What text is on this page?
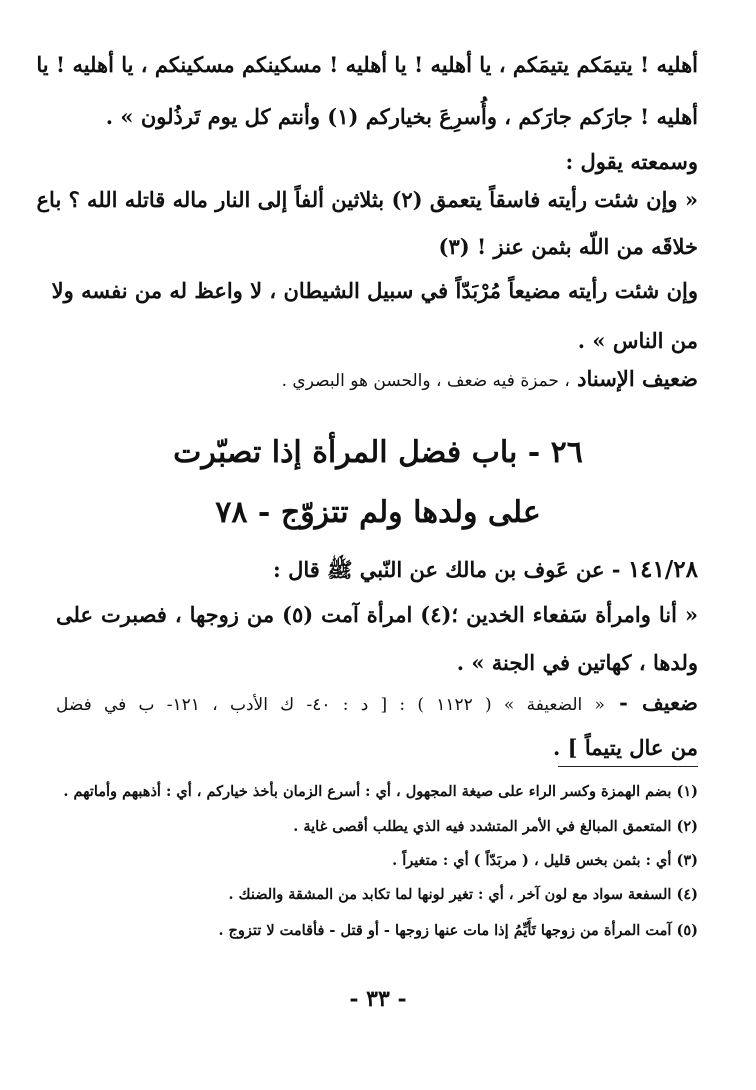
أهليه ! يتيمَكم يتيمَكم ، يا أهليه ! يا أهليه ! مسكينكم مسكينكم ، يا أهليه ! يا
أهليه ! جارَكم جارَكم ، وأُسرِعَ بخياركم (١) وأنتم كل يوم تَرذُلون » .
وسمعته يقول :
« وإن شئت رأيته فاسقاً يتعمق (٢) بثلاثين ألفاً إلى النار ماله قاتله الله ؟ باع
خلاقَه من اللّه بثمن عنز ! (٣)
وإن شئت رأيته مضيعاً مُرْبَدّاً في سبيل الشيطان ، لا واعظ له من نفسه ولا
من الناس » .
ضعيف الإسناد ، حمزة فيه ضعف ، والحسن هو البصري .
٢٦ - باب فضل المرأة إذا تصبّرت
على ولدها ولم تتزوّج - ٧٨
١٤١/٢٨ - عن عَوف بن مالك عن النّبي ﷺ قال :
« أنا وامرأة سَفعاء الخدين ؛(٤) امرأة آمت (٥) من زوجها ، فصبرت على
ولدها ، كهاتين في الجنة » .
ضعيف - « الضعيفة » ( ١١٢٢ ) : [ د : ٤٠- ك الأدب ، ١٢١- ب في فضل
من عال يتيماً ] .
(١) بضم الهمزة وكسر الراء على صيغة المجهول ، أي : أسرع الزمان بأخذ خياركم ، أي : أذهبهم وأماتهم .
(٢) المتعمق المبالغ في الأمر المتشدد فيه الذي يطلب أقصى غاية .
(٣) أي : بثمن بخس قليل ، ( مربَدّاً ) أي : متغيراً .
(٤) السفعة سواد مع لون آخر ، أي : تغير لونها لما تكابد من المشقة والضنك .
(٥) آمت المرأة من زوجها تَأَيِّمُ إذا مات عنها زوجها - أو قتل - فأقامت لا تتزوج .
- ٣٣ -
